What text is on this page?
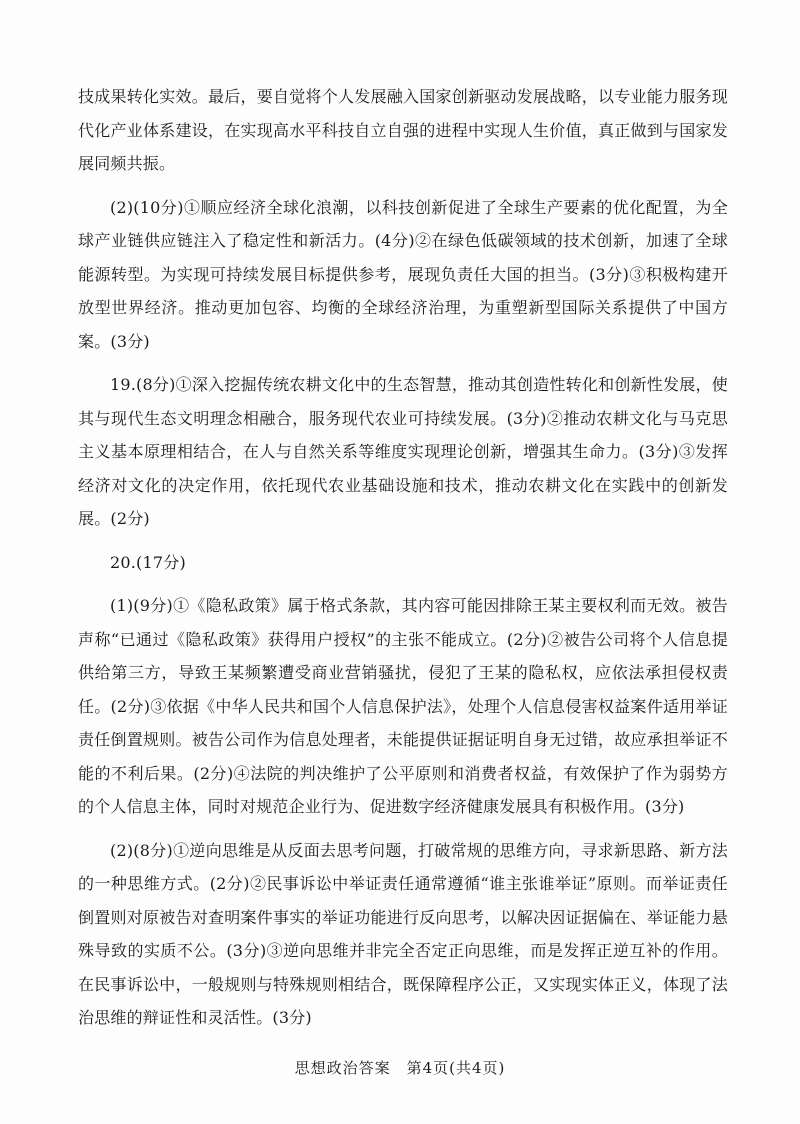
技成果转化实效。最后，要自觉将个人发展融入国家创新驱动发展战略，以专业能力服务现代化产业体系建设，在实现高水平科技自立自强的进程中实现人生价值，真正做到与国家发展同频共振。

(2)(10分)①顺应经济全球化浪潮，以科技创新促进了全球生产要素的优化配置，为全球产业链供应链注入了稳定性和新活力。(4分)②在绿色低碳领域的技术创新，加速了全球能源转型。为实现可持续发展目标提供参考，展现负责任大国的担当。(3分)③积极构建开放型世界经济。推动更加包容、均衡的全球经济治理，为重塑新型国际关系提供了中国方案。(3分)

19.(8分)①深入挖掘传统农耕文化中的生态智慧，推动其创造性转化和创新性发展，使其与现代生态文明理念相融合，服务现代农业可持续发展。(3分)②推动农耕文化与马克思主义基本原理相结合，在人与自然关系等维度实现理论创新，增强其生命力。(3分)③发挥经济对文化的决定作用，依托现代农业基础设施和技术，推动农耕文化在实践中的创新发展。(2分)

20.(17分)

(1)(9分)①《隐私政策》属于格式条款，其内容可能因排除王某主要权利而无效。被告声称“已通过《隐私政策》获得用户授权”的主张不能成立。(2分)②被告公司将个人信息提供给第三方，导致王某频繁遭受商业营销骚扰，侵犯了王某的隐私权，应依法承担侵权责任。(2分)③依据《中华人民共和国个人信息保护法》，处理个人信息侵害权益案件适用举证责任倒置规则。被告公司作为信息处理者，未能提供证据证明自身无过错，故应承担举证不能的不利后果。(2分)④法院的判决维护了公平原则和消费者权益，有效保护了作为弱势方的个人信息主体，同时对规范企业行为、促进数字经济健康发展具有积极作用。(3分)

(2)(8分)①逆向思维是从反面去思考问题，打破常规的思维方向，寻求新思路、新方法的一种思维方式。(2分)②民事诉讼中举证责任通常遵循“谁主张谁举证”原则。而举证责任倒置则对原被告对查明案件事实的举证功能进行反向思考，以解决因证据偏在、举证能力悬殊导致的实质不公。(3分)③逆向思维并非完全否定正向思维，而是发挥正逆互补的作用。在民事诉讼中，一般规则与特殊规则相结合，既保障程序公正，又实现实体正义，体现了法治思维的辩证性和灵活性。(3分)

思想政治答案　第4页(共4页)
